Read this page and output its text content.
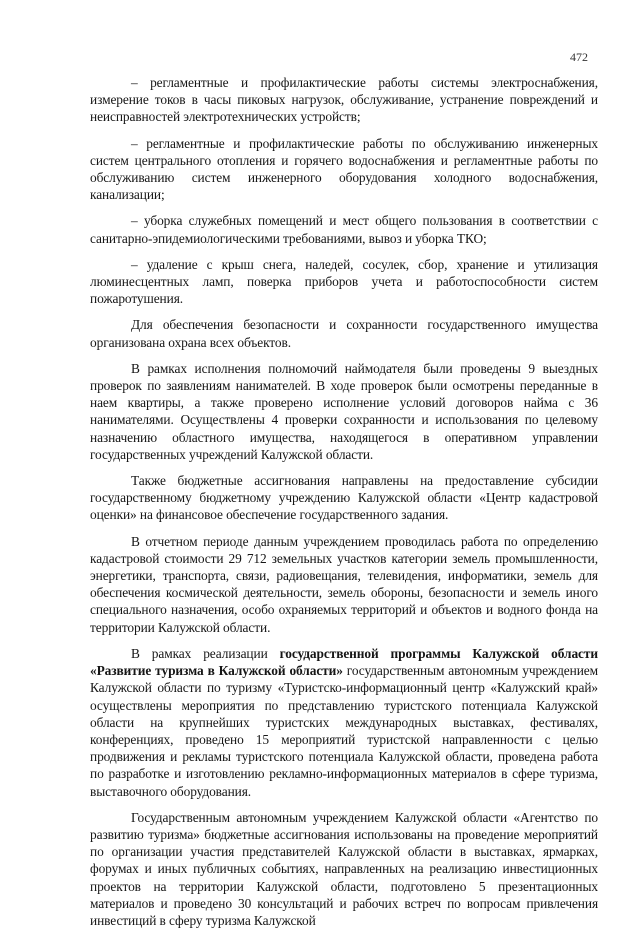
472

– регламентные и профилактические работы системы электроснабжения, измерение токов в часы пиковых нагрузок, обслуживание, устранение повреждений и неисправностей электротехнических устройств;

– регламентные и профилактические работы по обслуживанию инженерных систем центрального отопления и горячего водоснабжения и регламентные работы по обслуживанию систем инженерного оборудования холодного водоснабжения, канализации;

– уборка служебных помещений и мест общего пользования в соответствии с санитарно-эпидемиологическими требованиями, вывоз и уборка ТКО;

– удаление с крыш снега, наледей, сосулек, сбор, хранение и утилизация люминесцентных ламп, поверка приборов учета и работоспособности систем пожаротушения.

Для обеспечения безопасности и сохранности государственного имущества организована охрана всех объектов.

В рамках исполнения полномочий наймодателя были проведены 9 выездных проверок по заявлениям нанимателей. В ходе проверок были осмотрены переданные в наем квартиры, а также проверено исполнение условий договоров найма с 36 нанимателями. Осуществлены 4 проверки сохранности и использования по целевому назначению областного имущества, находящегося в оперативном управлении государственных учреждений Калужской области.

Также бюджетные ассигнования направлены на предоставление субсидии государственному бюджетному учреждению Калужской области «Центр кадастровой оценки» на финансовое обеспечение государственного задания.

В отчетном периоде данным учреждением проводилась работа по определению кадастровой стоимости 29 712 земельных участков категории земель промышленности, энергетики, транспорта, связи, радиовещания, телевидения, информатики, земель для обеспечения космической деятельности, земель обороны, безопасности и земель иного специального назначения, особо охраняемых территорий и объектов и водного фонда на территории Калужской области.

В рамках реализации государственной программы Калужской области «Развитие туризма в Калужской области» государственным автономным учреждением Калужской области по туризму «Туристско-информационный центр «Калужский край» осуществлены мероприятия по представлению туристского потенциала Калужской области на крупнейших туристских международных выставках, фестивалях, конференциях, проведено 15 мероприятий туристской направленности с целью продвижения и рекламы туристского потенциала Калужской области, проведена работа по разработке и изготовлению рекламно-информационных материалов в сфере туризма, выставочного оборудования.

Государственным автономным учреждением Калужской области «Агентство по развитию туризма» бюджетные ассигнования использованы на проведение мероприятий по организации участия представителей Калужской области в выставках, ярмарках, форумах и иных публичных событиях, направленных на реализацию инвестиционных проектов на территории Калужской области, подготовлено 5 презентационных материалов и проведено 30 консультаций и рабочих встреч по вопросам привлечения инвестиций в сферу туризма Калужской
